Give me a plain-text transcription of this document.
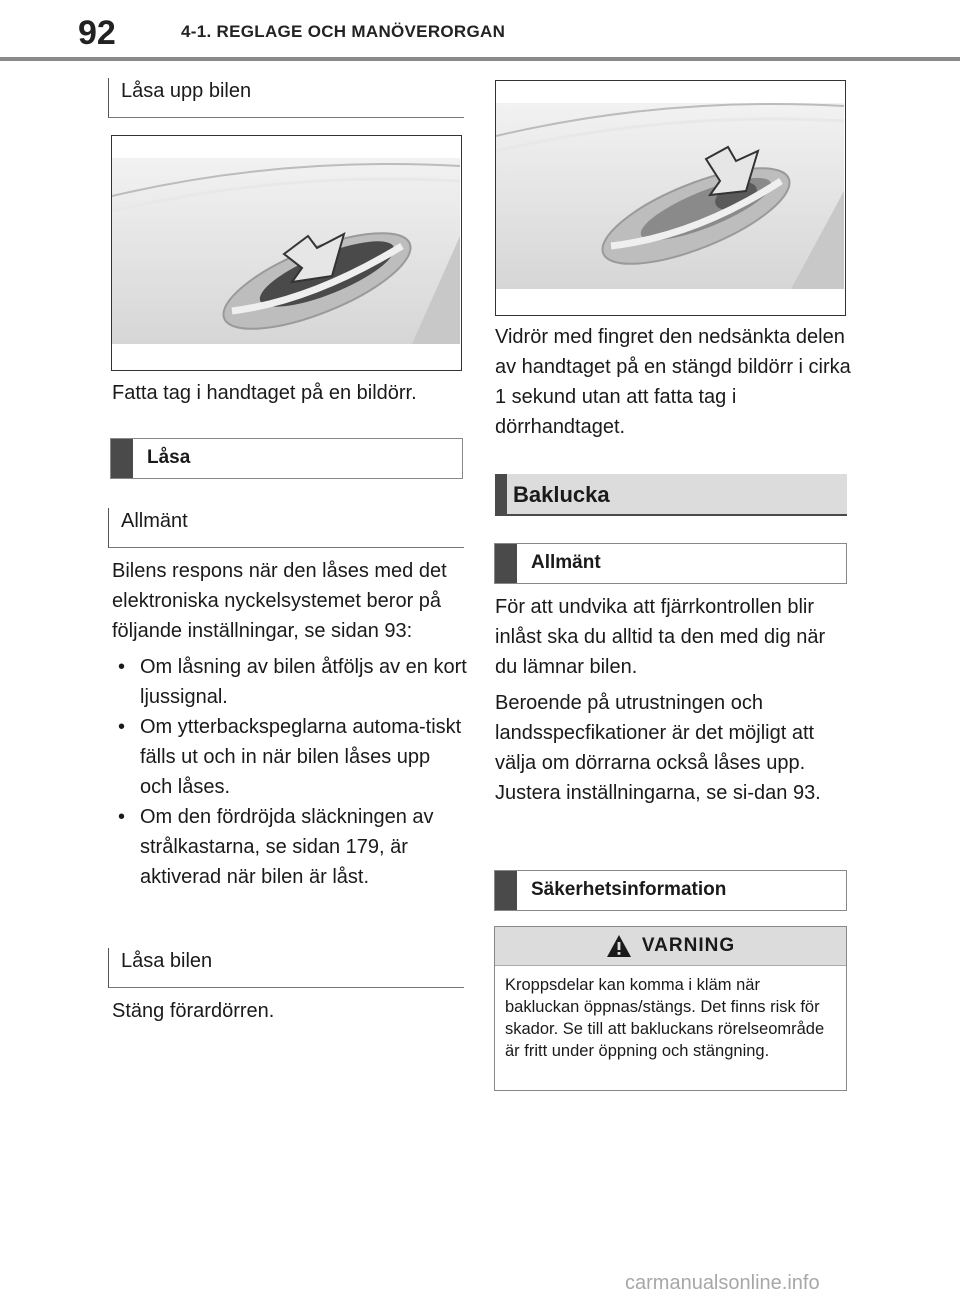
92	4-1. REGLAGE OCH MANÖVERORGAN
Låsa upp bilen
Fatta tag i handtaget på en bildörr.
Låsa
Allmänt

Bilens respons när den låses med det elektroniska nyckelsystemet beror på följande inställningar, se sidan 93:

• Om låsning av bilen åtföljs av en kort ljussignal.
• Om ytterbackspeglarna automa-tiskt fälls ut och in när bilen låses upp och låses.
• Om den fördröjda släckningen av strålkastarna, se sidan 179, är aktiverad när bilen är låst.
Låsa bilen
Stäng förardörren.
Vidrör med fingret den nedsänkta delen av handtaget på en stängd bildörr i cirka 1 sekund utan att fatta tag i dörrhandtaget.
Baklucka
Allmänt

För att undvika att fjärrkontrollen blir inlåst ska du alltid ta den med dig när du lämnar bilen.

Beroende på utrustningen och landsspecfikationer är det möjligt att välja om dörrarna också låses upp. Justera inställningarna, se si-dan 93.

Säkerhetsinformation
VARNING
Kroppsdelar kan komma i kläm när bakluckan öppnas/stängs. Det finns risk för skador. Se till att bakluckans rörelseområde är fritt under öppning och stängning.
carmanualsonline.info
